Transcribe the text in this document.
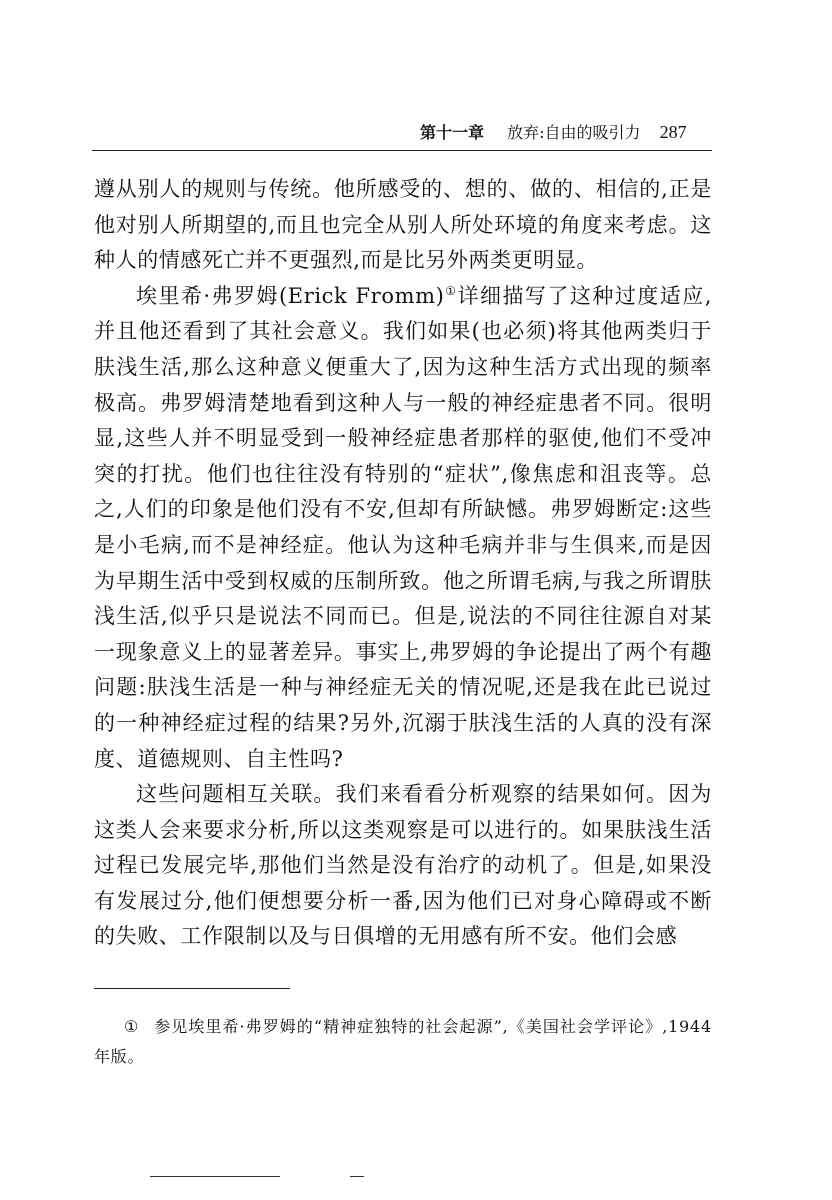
第十一章 放弃:自由的吸引力 287

遵从别人的规则与传统。他所感受的、想的、做的、相信的,正是他对别人所期望的,而且也完全从别人所处环境的角度来考虑。这种人的情感死亡并不更强烈,而是比另外两类更明显。

埃里希·弗罗姆(Erick Fromm)①详细描写了这种过度适应,并且他还看到了其社会意义。我们如果(也必须)将其他两类归于肤浅生活,那么这种意义便重大了,因为这种生活方式出现的频率极高。弗罗姆清楚地看到这种人与一般的神经症患者不同。很明显,这些人并不明显受到一般神经症患者那样的驱使,他们不受冲突的打扰。他们也往往没有特别的“症状”,像焦虑和沮丧等。总之,人们的印象是他们没有不安,但却有所缺憾。弗罗姆断定:这些是小毛病,而不是神经症。他认为这种毛病并非与生俱来,而是因为早期生活中受到权威的压制所致。他之所谓毛病,与我之所谓肤浅生活,似乎只是说法不同而已。但是,说法的不同往往源自对某一现象意义上的显著差异。事实上,弗罗姆的争论提出了两个有趣问题:肤浅生活是一种与神经症无关的情况呢,还是我在此已说过的一种神经症过程的结果?另外,沉溺于肤浅生活的人真的没有深度、道德规则、自主性吗?

这些问题相互关联。我们来看看分析观察的结果如何。因为这类人会来要求分析,所以这类观察是可以进行的。如果肤浅生活过程已发展完毕,那他们当然是没有治疗的动机了。但是,如果没有发展过分,他们便想要分析一番,因为他们已对身心障碍或不断的失败、工作限制以及与日俱增的无用感有所不安。他们会感

① 参见埃里希·弗罗姆的“精神症独特的社会起源”,《美国社会学评论》,1944 年版。
